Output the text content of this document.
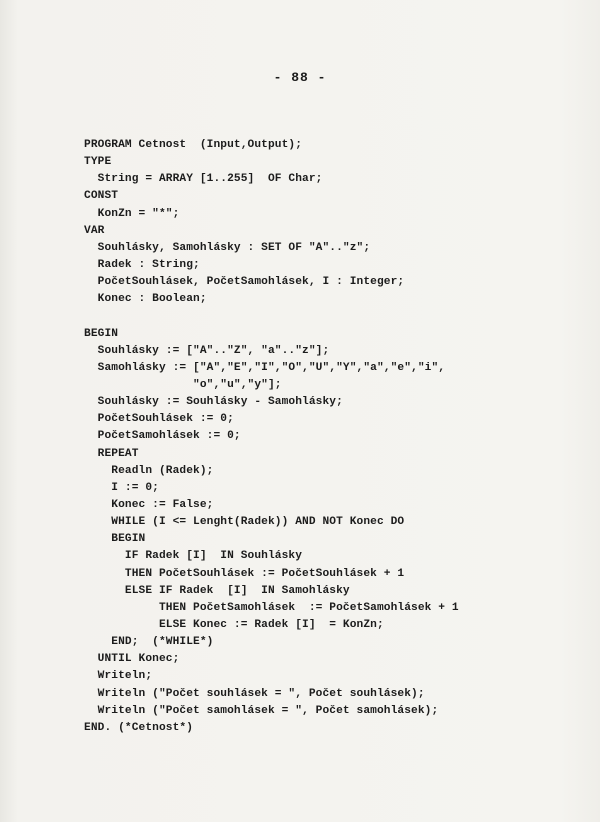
- 88 -
PROGRAM Cetnost  (Input,Output);
TYPE
String = ARRAY [1..255]  OF Char;
CONST
KonZn = "*";
VAR
Souhlásky, Samohlásky : SET OF "A".."z";
Radek : String;
PočetSouhlásek, PočetSamohlásek, I : Integer;
Konec : Boolean;
BEGIN
Souhlásky := ["A".."Z", "a".."z"];
Samohlásky := ["A","E","I","O","U","Y","a","e","i",
"o","u","y"];
Souhlásky := Souhlásky - Samohlásky;
PočetSouhlásek := 0;
PočetSamohlásek := 0;
REPEAT
Readln (Radek);
I := 0;
Konec := False;
WHILE (I <= Lenght(Radek)) AND NOT Konec DO
BEGIN
IF Radek [I]  IN Souhlásky
THEN PočetSouhlásek := PočetSouhlásek + 1
ELSE IF Radek  [I]  IN Samohlásky
THEN PočetSamohlásek  := PočetSamohlásek + 1
ELSE Konec := Radek [I]  = KonZn;
END;  (*WHILE*)
UNTIL Konec;
Writeln;
Writeln ("Počet souhlásek = ", Počet souhlásek);
Writeln ("Počet samohlásek = ", Počet samohlásek);
END. (*Cetnost*)
